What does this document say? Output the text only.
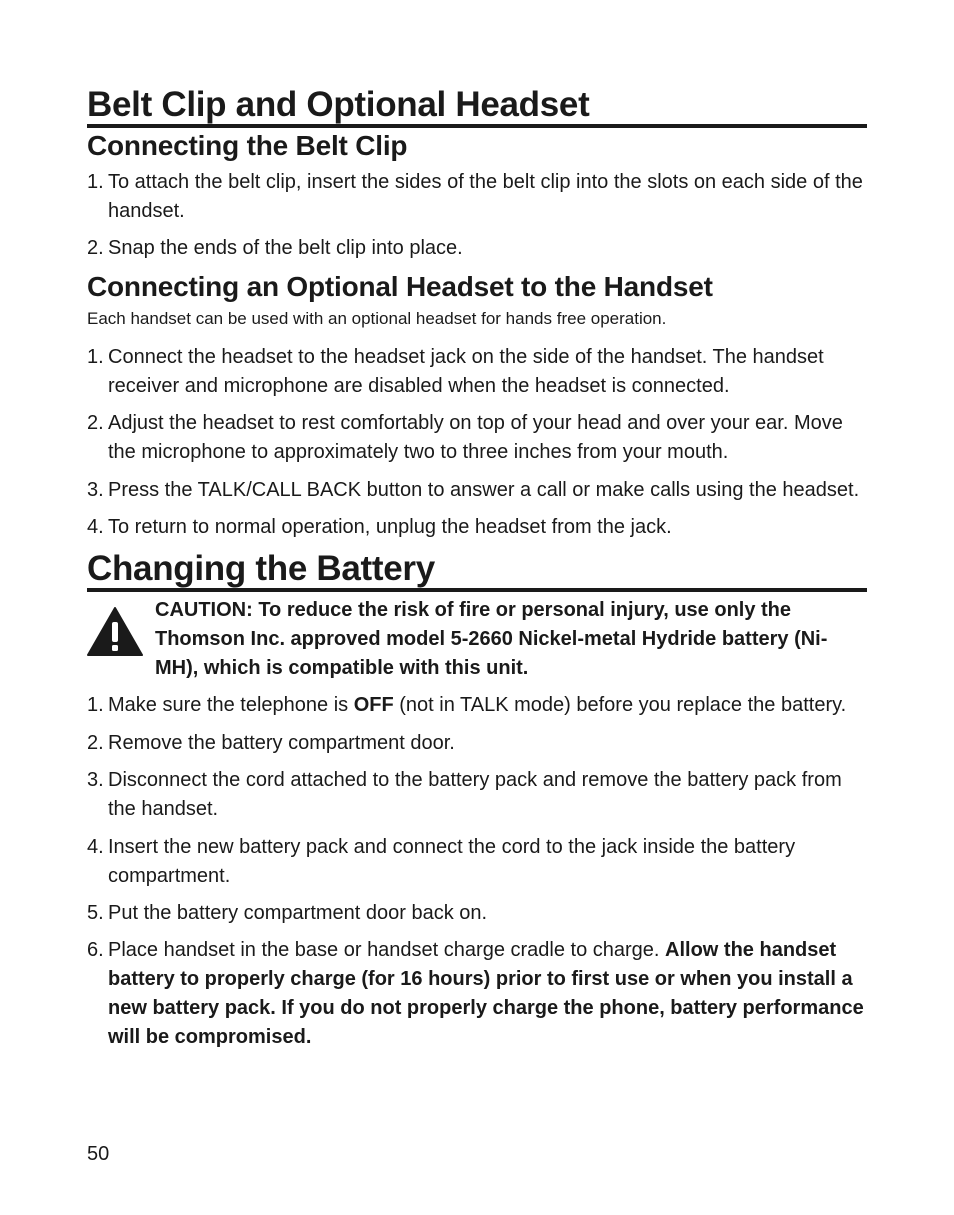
Belt Clip and Optional Headset
Connecting the Belt Clip
1. To attach the belt clip, insert the sides of the belt clip into the slots on each side of the handset.
2. Snap the ends of the belt clip into place.
Connecting an Optional Headset to the Handset
Each handset can be used with an optional headset for hands free operation.
1. Connect the headset to the headset jack on the side of the handset. The handset receiver and microphone are disabled when the headset is connected.
2. Adjust the headset to rest comfortably on top of your head and over your ear. Move the microphone to approximately two to three inches from your mouth.
3. Press the TALK/CALL BACK button to answer a call or make calls using the headset.
4. To return to normal operation, unplug the headset from the jack.
Changing the Battery
CAUTION: To reduce the risk of fire or personal injury, use only the Thomson Inc. approved model 5-2660 Nickel-metal Hydride battery (Ni-MH), which is compatible with this unit.
1. Make sure the telephone is OFF (not in TALK mode) before you replace the battery.
2. Remove the battery compartment door.
3. Disconnect the cord attached to the battery pack and remove the battery pack from the handset.
4. Insert the new battery pack and connect the cord to the jack inside the battery compartment.
5. Put the battery compartment door back on.
6. Place handset in the base or handset charge cradle to charge. Allow the handset battery to properly charge (for 16 hours) prior to first use or when you install a new battery pack. If you do not properly charge the phone, battery performance will be compromised.
50
